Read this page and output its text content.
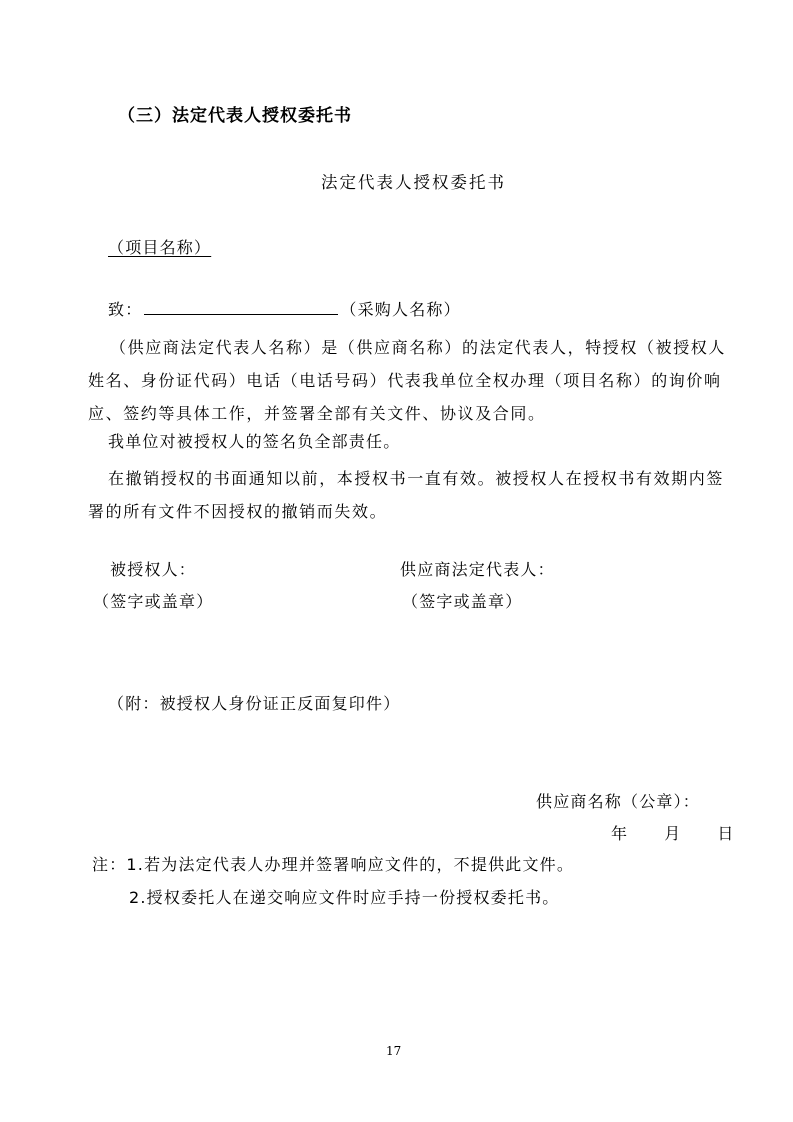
（三）法定代表人授权委托书
法定代表人授权委托书
（项目名称）
致：	（采购人名称）
（供应商法定代表人名称）是（供应商名称）的法定代表人，特授权（被授权人姓名、身份证代码）电话（电话号码）代表我单位全权办理（项目名称）的询价响应、签约等具体工作，并签署全部有关文件、协议及合同。
我单位对被授权人的签名负全部责任。
在撤销授权的书面通知以前，本授权书一直有效。被授权人在授权书有效期内签署的所有文件不因授权的撤销而失效。
被授权人：
（签字或盖章）
供应商法定代表人：
（签字或盖章）
（附：被授权人身份证正反面复印件）
供应商名称（公章）：
年 月 日
注：1.若为法定代表人办理并签署响应文件的，不提供此文件。
2.授权委托人在递交响应文件时应手持一份授权委托书。
17
